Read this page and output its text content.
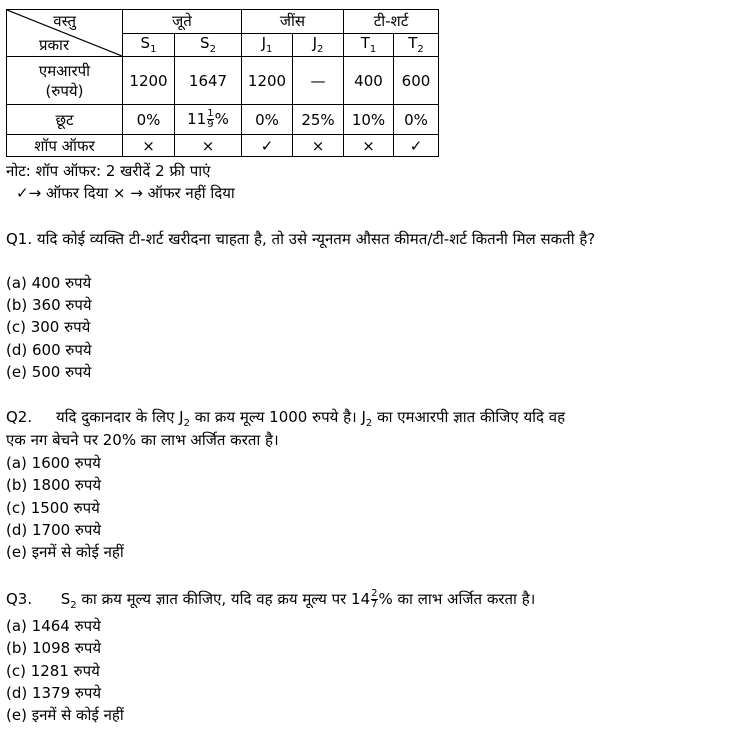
वस्तु
प्रकार	जूते		जींस		टी-शर्ट	
	$S_1$	$S_2$	$J_1$	$J_2$	$T_1$	$T_2$
एमआरपी
(रुपये)	1200	1647	1200	—	400	600
छूट	0%	$11 \frac{1}{9}$ %	0%	25%	10%	0%
शॉप ऑफर	×	×	✓	×	×	✓
नोट: शॉप ऑफर: 2 खरीदें 2 फ्री पाएं
✓→ ऑफर दिया × → ऑफर नहीं दिया
Q1. यदि कोई व्यक्ति टी-शर्ट खरीदना चाहता है, तो उसे न्यूनतम औसत कीमत/टी-शर्ट कितनी मिल सकती है?
(a) 400 रुपये
(b) 360 रुपये
(c) 300 रुपये
(d) 600 रुपये
(e) 500 रुपये
Q2. यदि दुकानदार के लिए $J_2$ का क्रय मूल्य 1000 रुपये है। $J_2$ का एमआरपी ज्ञात कीजिए यदि वह
एक नग बेचने पर 20% का लाभ अर्जित करता है।
(a) 1600 रुपये
(b) 1800 रुपये
(c) 1500 रुपये
(d) 1700 रुपये
(e) इनमें से कोई नहीं
Q3. $S_2$ का क्रय मूल्य ज्ञात कीजिए, यदि वह क्रय मूल्य पर $14 \frac{2}{7}$ % का लाभ अर्जित करता है।
(a) 1464 रुपये
(b) 1098 रुपये
(c) 1281 रुपये
(d) 1379 रुपये
(e) इनमें से कोई नहीं
